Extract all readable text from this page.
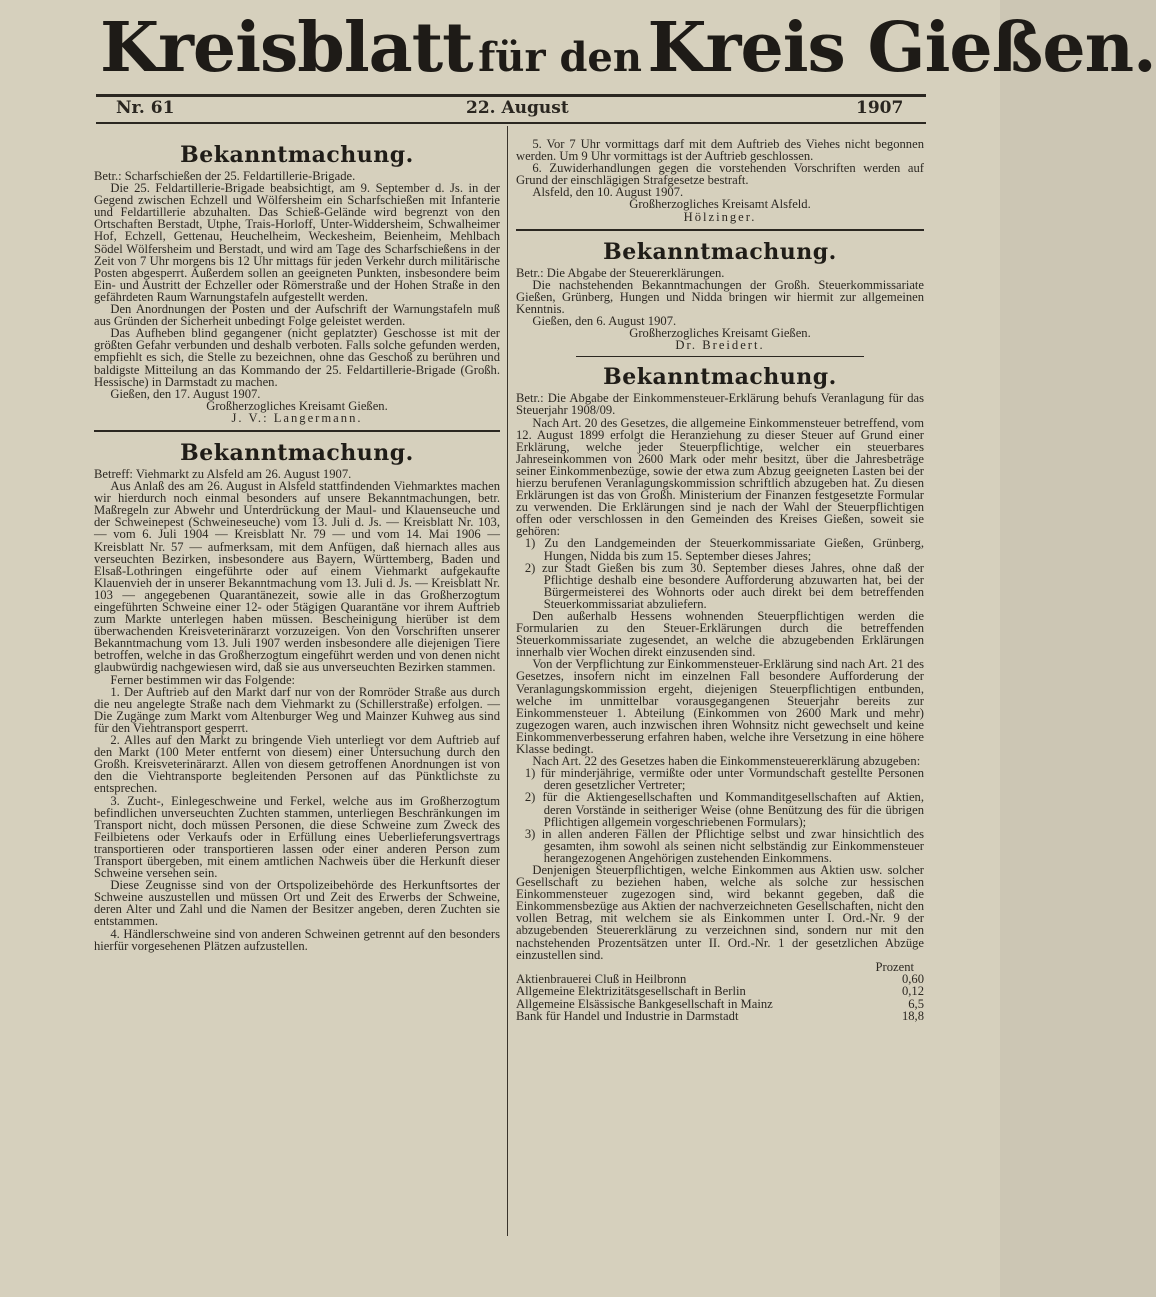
Kreisblatt für den Kreis Gießen.
Nr. 61	22. August	1907
Bekanntmachung.

Betr.: Scharfschießen der 25. Feldartillerie-Brigade.

Die 25. Feldartillerie-Brigade beabsichtigt, am 9. September d. Js. in der Gegend zwischen Echzell und Wölfersheim ein Scharfschießen mit Infanterie und Feldartillerie abzuhalten. Das Schieß-Gelände wird begrenzt von den Ortschaften Berstadt, Utphe, Trais-Horloff, Unter-Widdersheim, Schwalheimer Hof, Echzell, Gettenau, Heuchelheim, Weckesheim, Beienheim, Mehlbach Södel Wölfersheim und Berstadt, und wird am Tage des Scharfschießens in der Zeit von 7 Uhr morgens bis 12 Uhr mittags für jeden Verkehr durch militärische Posten abgesperrt. Außerdem sollen an geeigneten Punkten, insbesondere beim Ein- und Austritt der Echzeller oder Römerstraße und der Hohen Straße in den gefährdeten Raum Warnungstafeln aufgestellt werden.

Den Anordnungen der Posten und der Aufschrift der Warnungstafeln muß aus Gründen der Sicherheit unbedingt Folge geleistet werden.

Das Aufheben blind gegangener (nicht geplatzter) Geschosse ist mit der größten Gefahr verbunden und deshalb verboten. Falls solche gefunden werden, empfiehlt es sich, die Stelle zu bezeichnen, ohne das Geschoß zu berühren und baldigste Mitteilung an das Kommando der 25. Feldartillerie-Brigade (Großh. Hessische) in Darmstadt zu machen.

Gießen, den 17. August 1907.

Großherzogliches Kreisamt Gießen.

J. V.: Langermann.

Bekanntmachung.

Betreff: Viehmarkt zu Alsfeld am 26. August 1907.

Aus Anlaß des am 26. August in Alsfeld stattfindenden Viehmarktes machen wir hierdurch noch einmal besonders auf unsere Bekanntmachungen, betr. Maßregeln zur Abwehr und Unterdrückung der Maul- und Klauenseuche und der Schweinepest (Schweineseuche) vom 13. Juli d. Js. — Kreisblatt Nr. 103, — vom 6. Juli 1904 — Kreisblatt Nr. 79 — und vom 14. Mai 1906 — Kreisblatt Nr. 57 — aufmerksam, mit dem Anfügen, daß hiernach alles aus verseuchten Bezirken, insbesondere aus Bayern, Württemberg, Baden und Elsaß-Lothringen eingeführte oder auf einem Viehmarkt aufgekaufte Klauenvieh der in unserer Bekanntmachung vom 13. Juli d. Js. — Kreisblatt Nr. 103 — angegebenen Quarantänezeit, sowie alle in das Großherzogtum eingeführten Schweine einer 12- oder 5tägigen Quarantäne vor ihrem Auftrieb zum Markte unterlegen haben müssen. Bescheinigung hierüber ist dem überwachenden Kreisveterinärarzt vorzuzeigen. Von den Vorschriften unserer Bekanntmachung vom 13. Juli 1907 werden insbesondere alle diejenigen Tiere betroffen, welche in das Großherzogtum eingeführt werden und von denen nicht glaubwürdig nachgewiesen wird, daß sie aus unverseuchten Bezirken stammen.

Ferner bestimmen wir das Folgende:

1. Der Auftrieb auf den Markt darf nur von der Romröder Straße aus durch die neu angelegte Straße nach dem Viehmarkt zu (Schillerstraße) erfolgen. — Die Zugänge zum Markt vom Altenburger Weg und Mainzer Kuhweg aus sind für den Viehtransport gesperrt.

2. Alles auf den Markt zu bringende Vieh unterliegt vor dem Auftrieb auf den Markt (100 Meter entfernt von diesem) einer Untersuchung durch den Großh. Kreisveterinärarzt. Allen von diesem getroffenen Anordnungen ist von den die Viehtransporte begleitenden Personen auf das Pünktlichste zu entsprechen.

3. Zucht-, Einlegeschweine und Ferkel, welche aus im Großherzogtum befindlichen unverseuchten Zuchten stammen, unterliegen Beschränkungen im Transport nicht, doch müssen Personen, die diese Schweine zum Zweck des Feilbietens oder Verkaufs oder in Erfüllung eines Ueberlieferungsvertrags transportieren oder transportieren lassen oder einer anderen Person zum Transport übergeben, mit einem amtlichen Nachweis über die Herkunft dieser Schweine versehen sein.

Diese Zeugnisse sind von der Ortspolizeibehörde des Herkunftsortes der Schweine auszustellen und müssen Ort und Zeit des Erwerbs der Schweine, deren Alter und Zahl und die Namen der Besitzer angeben, deren Zuchten sie entstammen.

4. Händlerschweine sind von anderen Schweinen getrennt auf den besonders hierfür vorgesehenen Plätzen aufzustellen.

5. Vor 7 Uhr vormittags darf mit dem Auftrieb des Viehes nicht begonnen werden. Um 9 Uhr vormittags ist der Auftrieb geschlossen.

6. Zuwiderhandlungen gegen die vorstehenden Vorschriften werden auf Grund der einschlägigen Strafgesetze bestraft.

Alsfeld, den 10. August 1907.

Großherzogliches Kreisamt Alsfeld.

Hölzinger.

Bekanntmachung.

Betr.: Die Abgabe der Steuererklärungen.

Die nachstehenden Bekanntmachungen der Großh. Steuerkommissariate Gießen, Grünberg, Hungen und Nidda bringen wir hiermit zur allgemeinen Kenntnis.

Gießen, den 6. August 1907.

Großherzogliches Kreisamt Gießen.

Dr. Breidert.

Bekanntmachung.

Betr.: Die Abgabe der Einkommensteuer-Erklärung behufs Veranlagung für das Steuerjahr 1908/09.

Nach Art. 20 des Gesetzes, die allgemeine Einkommensteuer betreffend, vom 12. August 1899 erfolgt die Heranziehung zu dieser Steuer auf Grund einer Erklärung, welche jeder Steuerpflichtige, welcher ein steuerbares Jahreseinkommen von 2600 Mark oder mehr besitzt, über die Jahresbeträge seiner Einkommenbezüge, sowie der etwa zum Abzug geeigneten Lasten bei der hierzu berufenen Veranlagungskommission schriftlich abzugeben hat. Zu diesen Erklärungen ist das von Großh. Ministerium der Finanzen festgesetzte Formular zu verwenden. Die Erklärungen sind je nach der Wahl der Steuerpflichtigen offen oder verschlossen in den Gemeinden des Kreises Gießen, soweit sie gehören:

1) Zu den Landgemeinden der Steuerkommissariate Gießen, Grünberg, Hungen, Nidda bis zum 15. September dieses Jahres;

2) zur Stadt Gießen bis zum 30. September dieses Jahres, ohne daß der Pflichtige deshalb eine besondere Aufforderung abzuwarten hat, bei der Bürgermeisterei des Wohnorts oder auch direkt bei dem betreffenden Steuerkommissariat abzuliefern.

Den außerhalb Hessens wohnenden Steuerpflichtigen werden die Formularien zu den Steuer-Erklärungen durch die betreffenden Steuerkommissariate zugesendet, an welche die abzugebenden Erklärungen innerhalb vier Wochen direkt einzusenden sind.

Von der Verpflichtung zur Einkommensteuer-Erklärung sind nach Art. 21 des Gesetzes, insofern nicht im einzelnen Fall besondere Aufforderung der Veranlagungskommission ergeht, diejenigen Steuerpflichtigen entbunden, welche im unmittelbar vorausgegangenen Steuerjahr bereits zur Einkommensteuer 1. Abteilung (Einkommen von 2600 Mark und mehr) zugezogen waren, auch inzwischen ihren Wohnsitz nicht gewechselt und keine Einkommenverbesserung erfahren haben, welche ihre Versetzung in eine höhere Klasse bedingt.

Nach Art. 22 des Gesetzes haben die Einkommensteuererklärung abzugeben:

1) für minderjährige, vermißte oder unter Vormundschaft gestellte Personen deren gesetzlicher Vertreter;

2) für die Aktiengesellschaften und Kommanditgesellschaften auf Aktien, deren Vorstände in seitheriger Weise (ohne Benützung des für die übrigen Pflichtigen allgemein vorgeschriebenen Formulars);

3) in allen anderen Fällen der Pflichtige selbst und zwar hinsichtlich des gesamten, ihm sowohl als seinen nicht selbständig zur Einkommensteuer herangezogenen Angehörigen zustehenden Einkommens.

Denjenigen Steuerpflichtigen, welche Einkommen aus Aktien usw. solcher Gesellschaft zu beziehen haben, welche als solche zur hessischen Einkommensteuer zugezogen sind, wird bekannt gegeben, daß die Einkommensbezüge aus Aktien der nachverzeichneten Gesellschaften, nicht den vollen Betrag, mit welchem sie als Einkommen unter I. Ord.-Nr. 9 der abzugebenden Steuererklärung zu verzeichnen sind, sondern nur mit den nachstehenden Prozentsätzen unter II. Ord.-Nr. 1 der gesetzlichen Abzüge einzustellen sind.

Prozent

Aktienbrauerei Cluß in Heilbronn	0,60
Allgemeine Elektrizitätsgesellschaft in Berlin	0,12
Allgemeine Elsässische Bankgesellschaft in Mainz	6,5
Bank für Handel und Industrie in Darmstadt	18,8
